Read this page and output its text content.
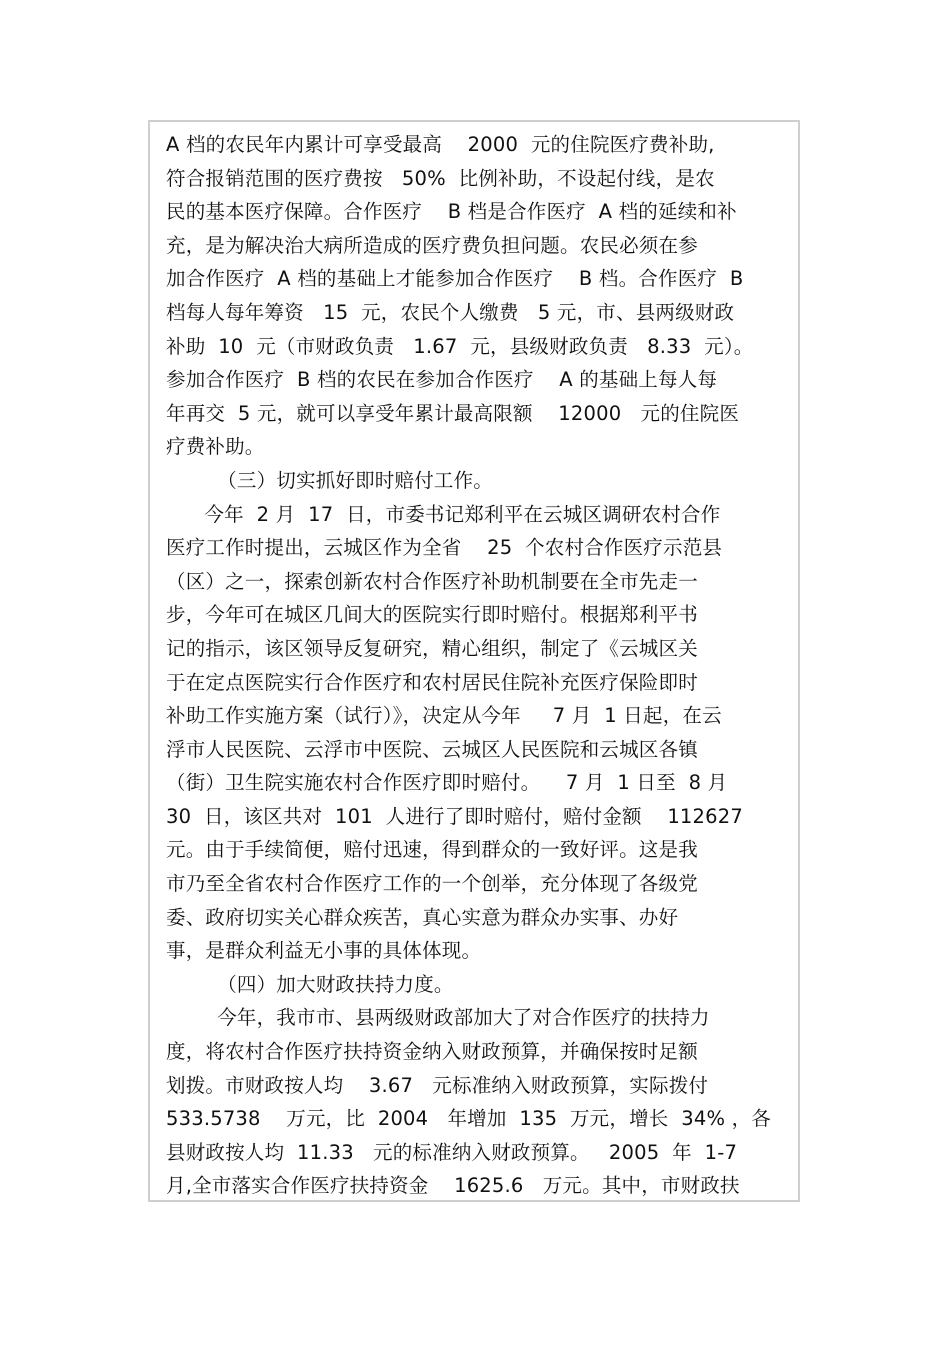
A 档的农民年内累计可享受最高    2000  元的住院医疗费补助,
符合报销范围的医疗费按   50%  比例补助，不设起付线，是农
民的基本医疗保障。合作医疗    B 档是合作医疗  A 档的延续和补
充，是为解决治大病所造成的医疗费负担问题。农民必须在参
加合作医疗  A 档的基础上才能参加合作医疗    B 档。合作医疗  B
档每人每年筹资   15  元，农民个人缴费   5 元，市、县两级财政
补助  10  元（市财政负责   1.67  元，县级财政负责   8.33  元）。
参加合作医疗  B 档的农民在参加合作医疗    A 的基础上每人每
年再交  5 元，就可以享受年累计最高限额    12000   元的住院医
疗费补助。
（三）切实抓好即时赔付工作。
今年  2 月  17  日，市委书记郑利平在云城区调研农村合作
医疗工作时提出，云城区作为全省    25  个农村合作医疗示范县
（区）之一，探索创新农村合作医疗补助机制要在全市先走一
步，今年可在城区几间大的医院实行即时赔付。根据郑利平书
记的指示，该区领导反复研究，精心组织，制定了《云城区关
于在定点医院实行合作医疗和农村居民住院补充医疗保险即时
补助工作实施方案（试行）》，决定从今年     7 月  1 日起，在云
浮市人民医院、云浮市中医院、云城区人民医院和云城区各镇
（街）卫生院实施农村合作医疗即时赔付。    7 月  1 日至  8 月
30  日，该区共对  101  人进行了即时赔付，赔付金额    112627
元。由于手续简便，赔付迅速，得到群众的一致好评。这是我
市乃至全省农村合作医疗工作的一个创举，充分体现了各级党
委、政府切实关心群众疾苦，真心实意为群众办实事、办好
事，是群众利益无小事的具体体现。
（四）加大财政扶持力度。
今年，我市市、县两级财政部加大了对合作医疗的扶持力
度，将农村合作医疗扶持资金纳入财政预算，并确保按时足额
划拨。市财政按人均    3.67   元标准纳入财政预算，实际拨付
533.5738    万元，比  2004   年增加  135  万元，增长  34% ，各
县财政按人均  11.33   元的标准纳入财政预算。   2005  年  1-7
月,全市落实合作医疗扶持资金    1625.6   万元。其中，市财政扶
